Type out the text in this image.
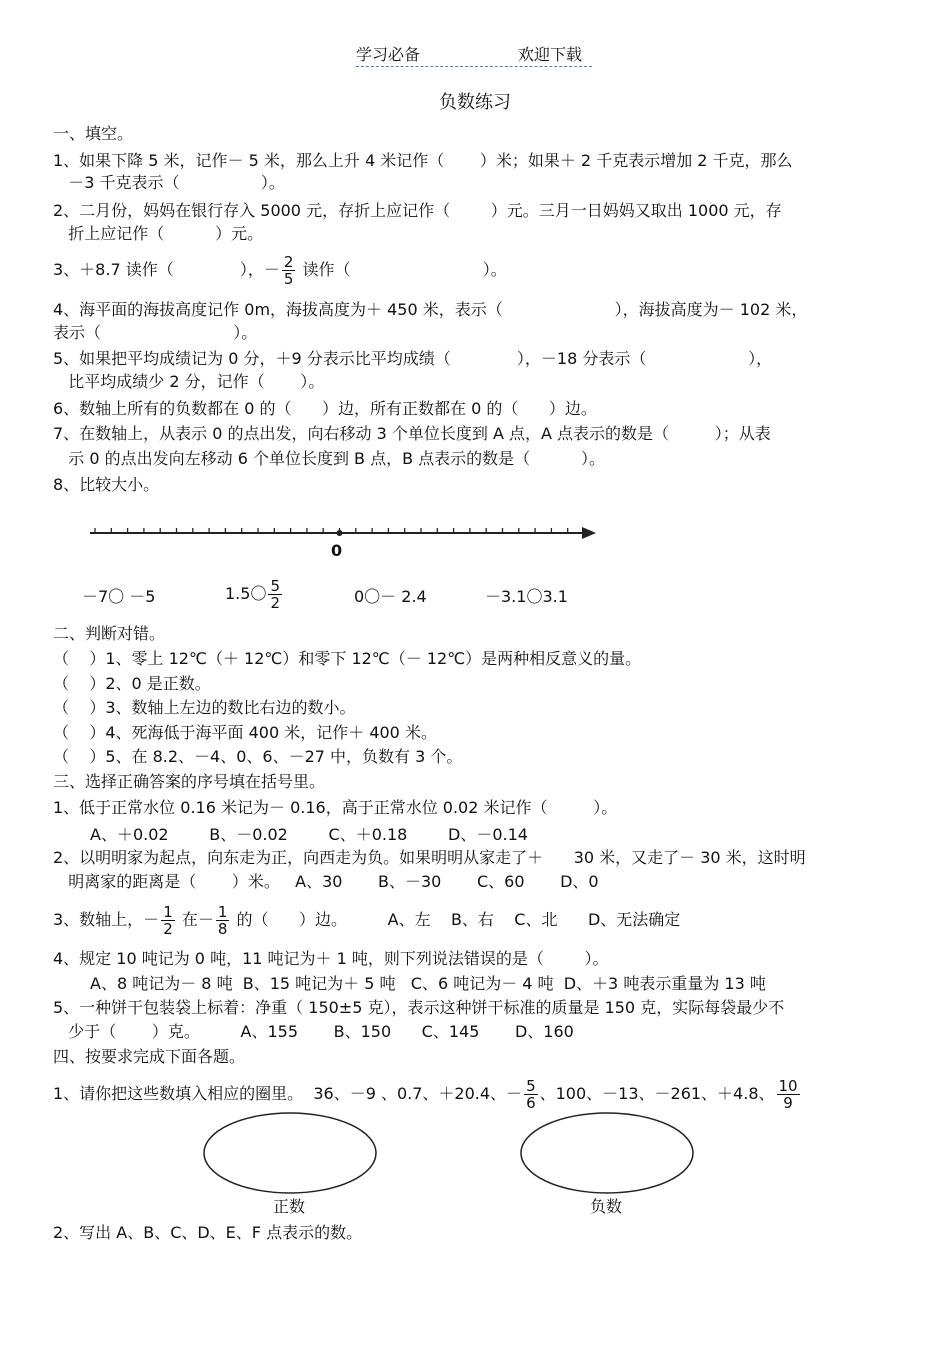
学习必备	欢迎下载
负数练习
一、填空。
1、如果下降 5 米，记作－ 5 米，那么上升 4 米记作（       ）米；如果＋ 2 千克表示增加 2 千克，那么
－3 千克表示（                ）。
2、二月份，妈妈在银行存入 5000 元，存折上应记作（        ）元。三月一日妈妈又取出 1000 元，存
折上应记作（          ）元。
3、＋8.7 读作（             ），－ $\frac{2}{5}$ 读作（                          ）。
4、海平面的海拔高度记作 0m，海拔高度为＋ 450 米，表示（                      ），海拔高度为－ 102 米，
表示（                          ）。
5、如果把平均成绩记为 0 分，＋9 分表示比平均成绩（             ），－18 分表示（                    ），
比平均成绩少 2 分，记作（       ）。
6、数轴上所有的负数都在 0 的（      ）边，所有正数都在 0 的（      ）边。
7、在数轴上，从表示 0 的点出发，向右移动 3 个单位长度到 A 点，A 点表示的数是（         ）；从表
示 0 的点出发向左移动 6 个单位长度到 B 点，B 点表示的数是（          ）。
8、比较大小。
0
－7〇 －5	1.5〇 $\frac{5}{2}$	0〇－ 2.4	－3.1〇3.1
二、判断对错。
（    ）1、零上 12℃（＋ 12℃）和零下 12℃（－ 12℃）是两种相反意义的量。
（    ）2、0 是正数。
（    ）3、数轴上左边的数比右边的数小。
（    ）4、死海低于海平面 400 米，记作＋ 400 米。
（    ）5、在 8.2、－4、0、6、－27 中，负数有 3 个。
三、选择正确答案的序号填在括号里。
1、低于正常水位 0.16 米记为－ 0.16，高于正常水位 0.02 米记作（         ）。
A、＋0.02        B、－0.02        C、＋0.18        D、－0.14
2、以明明家为起点，向东走为正，向西走为负。如果明明从家走了＋      30 米，又走了－ 30 米，这时明
明离家的距离是（       ）米。   A、30       B、－30       C、60       D、0
3、数轴上，－ $\frac{1}{2}$ 在－ $\frac{1}{8}$ 的（      ）边。        A、左    B、右    C、北      D、无法确定
4、规定 10 吨记为 0 吨，11 吨记为＋ 1 吨，则下列说法错误的是（        ）。
A、8 吨记为－ 8 吨  B、15 吨记为＋ 5 吨   C、6 吨记为－ 4 吨  D、＋3 吨表示重量为 13 吨
5、一种饼干包装袋上标着：净重（ 150±5 克），表示这种饼干标准的质量是 150 克，实际每袋最少不
少于（       ）克。        A、155       B、150      C、145       D、160
四、按要求完成下面各题。
1、请你把这些数填入相应的圈里。  36、－9 、0.7、＋20.4、－ $\frac{5}{6}$ 、100、－13、－261、＋4.8、 $\frac{10}{9}$
正数	负数
2、写出 A、B、C、D、E、F 点表示的数。
